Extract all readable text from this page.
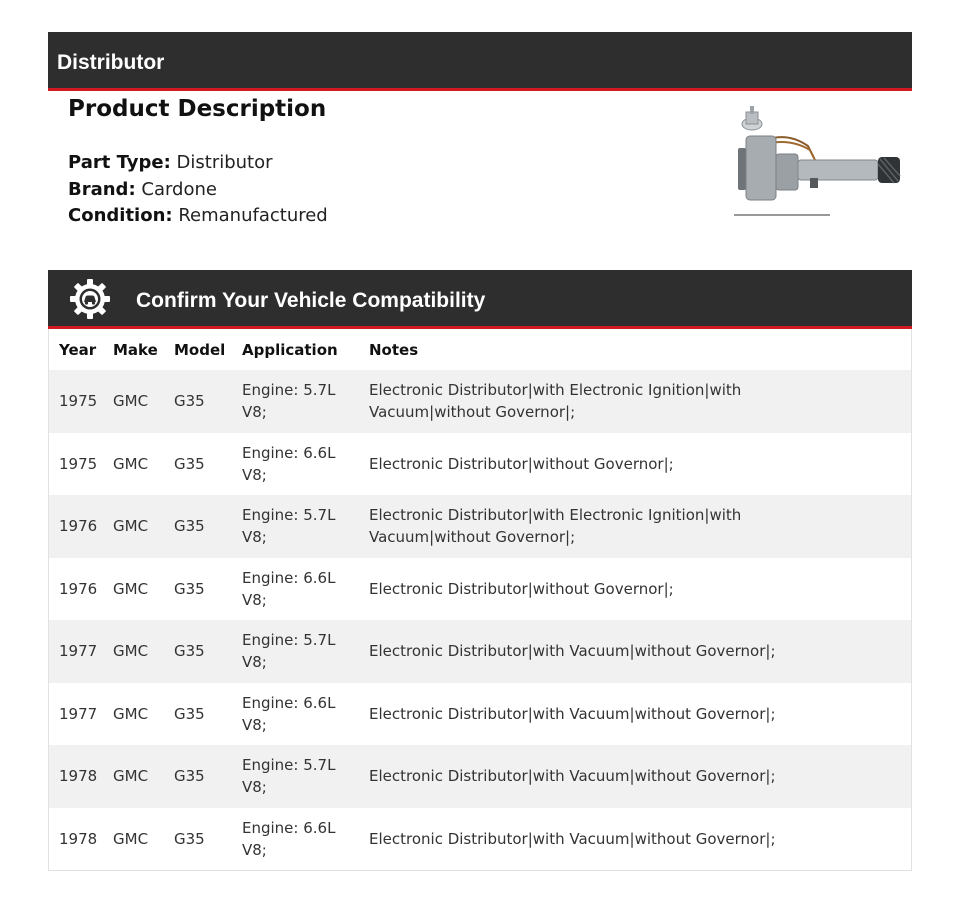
Distributor
Product Description
Part Type: Distributor
Brand: Cardone
Condition: Remanufactured
Confirm Your Vehicle Compatibility
Year	Make	Model	Application	Notes
1975	GMC	G35	Engine: 5.7L V8;	Electronic Distributor|with Electronic Ignition|with Vacuum|without Governor|;
1975	GMC	G35	Engine: 6.6L V8;	Electronic Distributor|without Governor|;
1976	GMC	G35	Engine: 5.7L V8;	Electronic Distributor|with Electronic Ignition|with Vacuum|without Governor|;
1976	GMC	G35	Engine: 6.6L V8;	Electronic Distributor|without Governor|;
1977	GMC	G35	Engine: 5.7L V8;	Electronic Distributor|with Vacuum|without Governor|;
1977	GMC	G35	Engine: 6.6L V8;	Electronic Distributor|with Vacuum|without Governor|;
1978	GMC	G35	Engine: 5.7L V8;	Electronic Distributor|with Vacuum|without Governor|;
1978	GMC	G35	Engine: 6.6L V8;	Electronic Distributor|with Vacuum|without Governor|;
